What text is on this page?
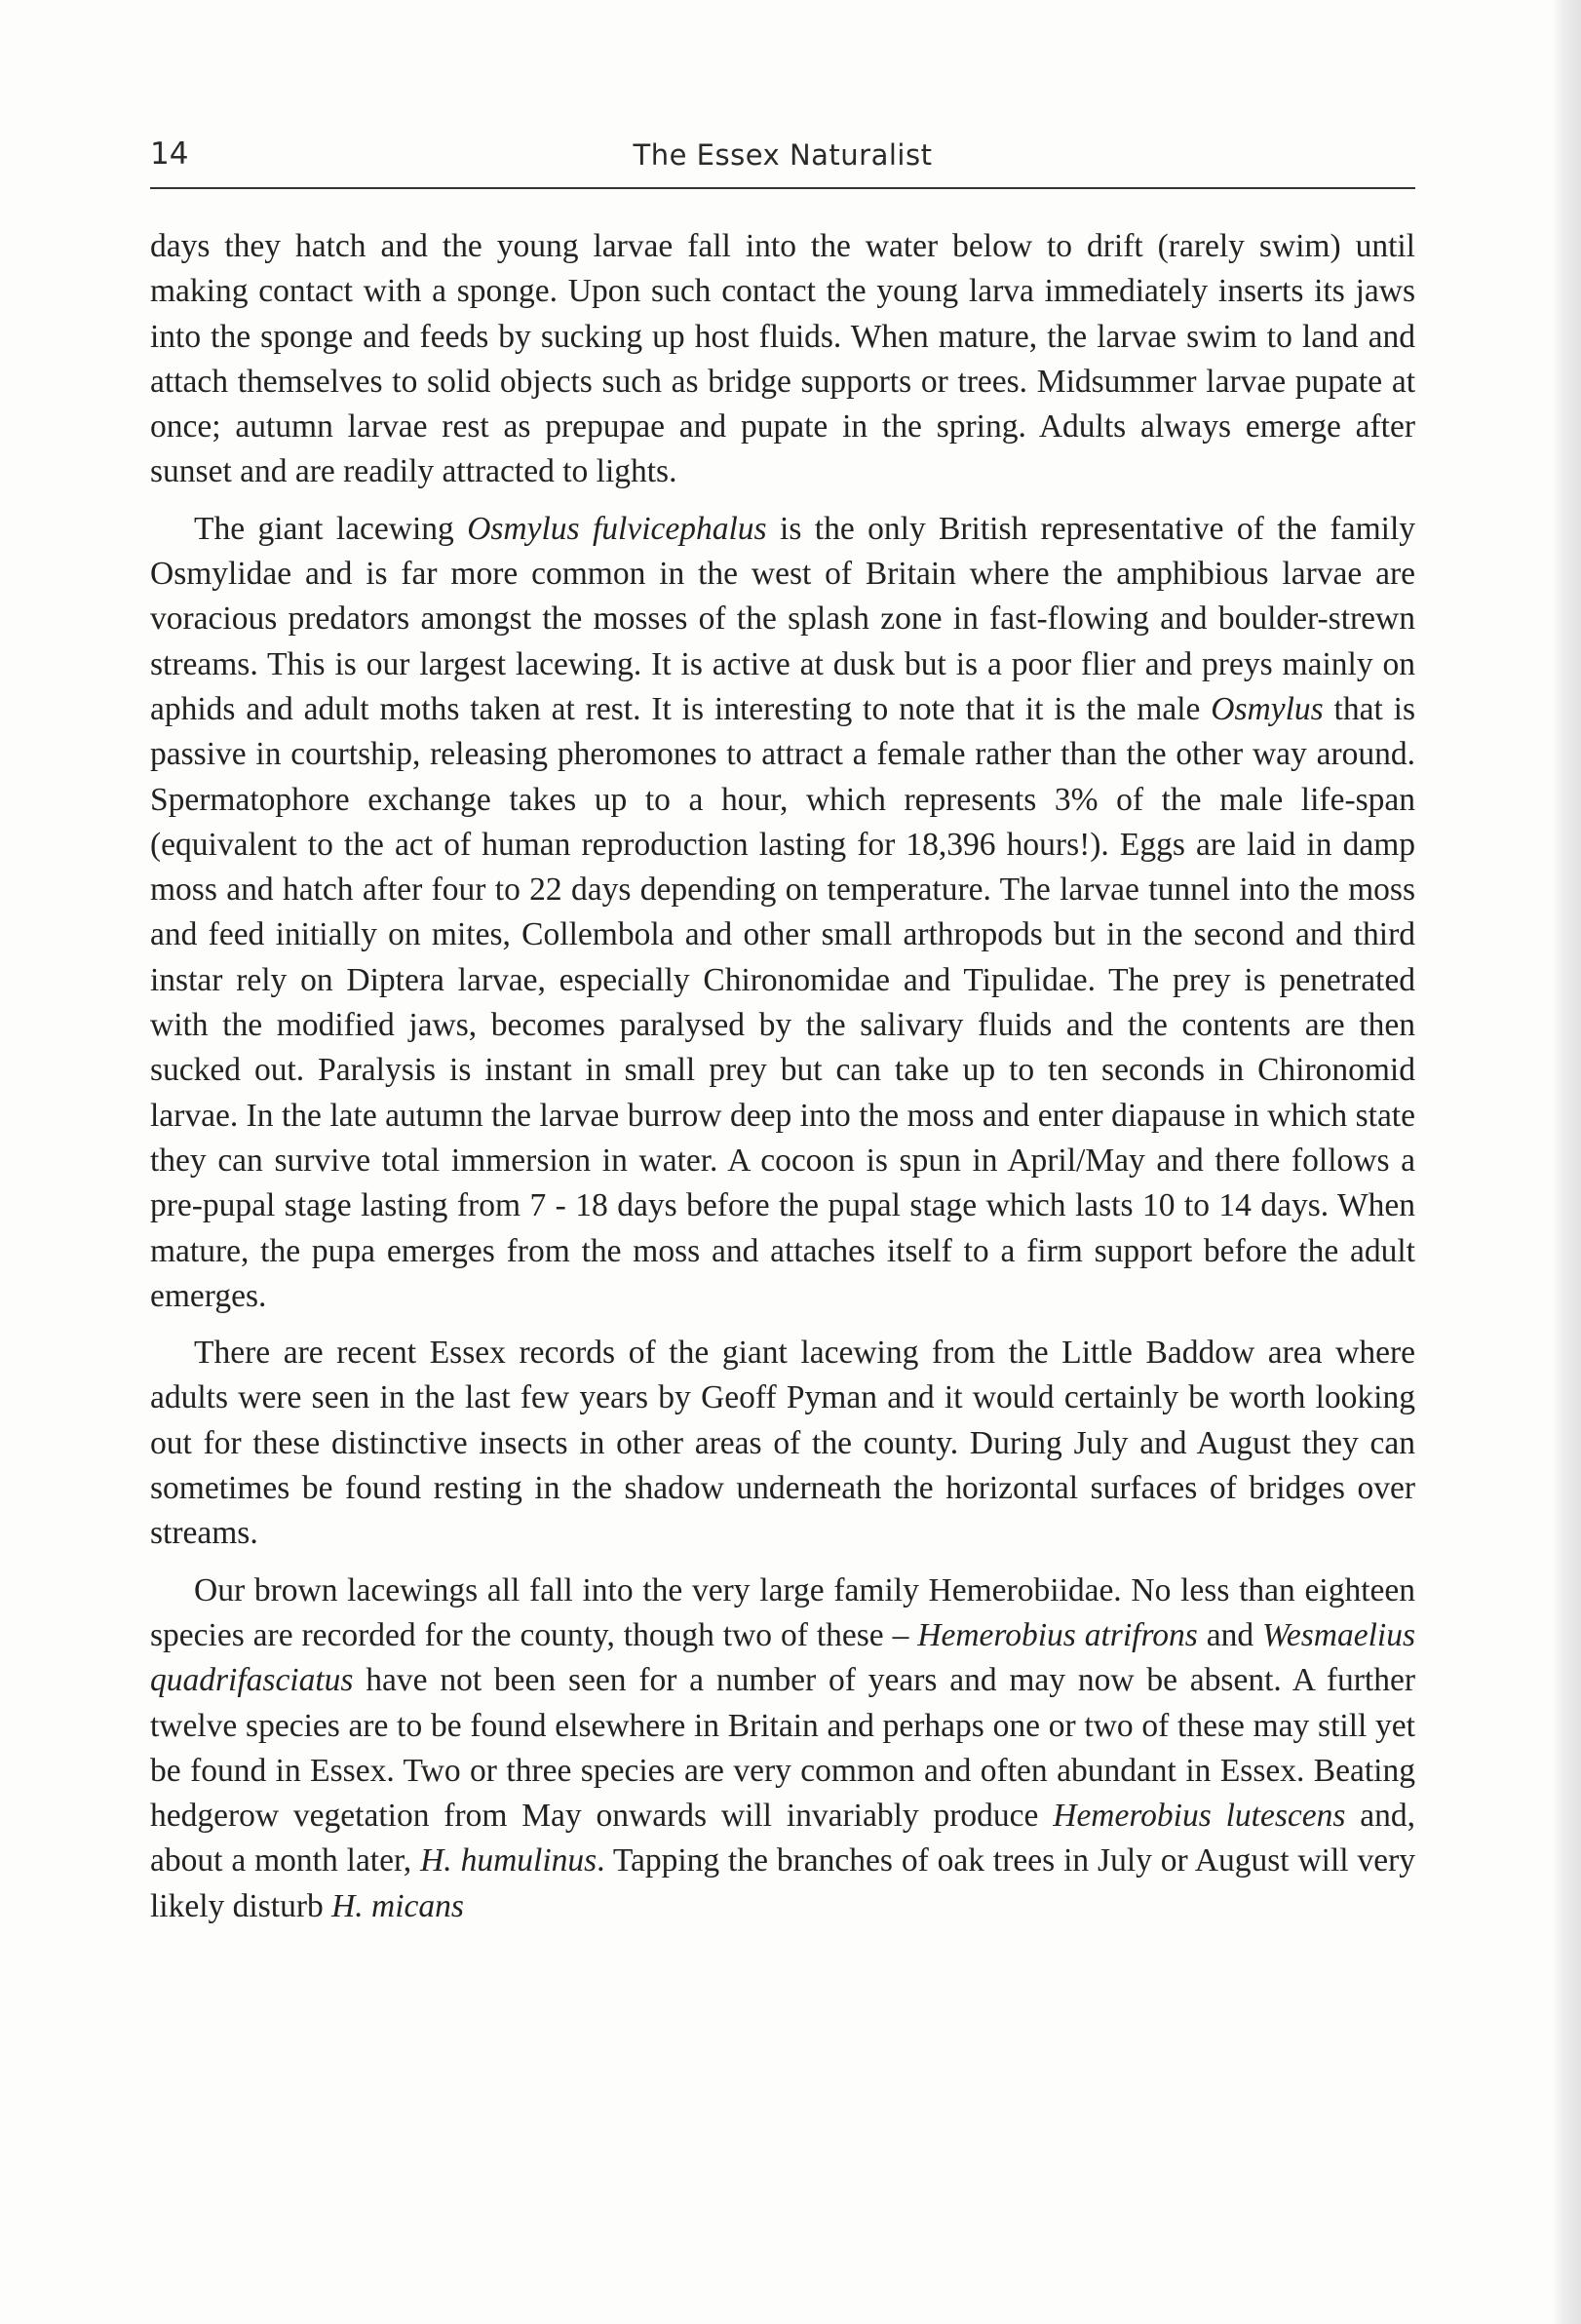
14	The Essex Naturalist

days they hatch and the young larvae fall into the water below to drift (rarely swim) until making contact with a sponge. Upon such contact the young larva immediately inserts its jaws into the sponge and feeds by sucking up host fluids. When mature, the larvae swim to land and attach themselves to solid objects such as bridge supports or trees. Midsummer larvae pupate at once; autumn larvae rest as prepupae and pupate in the spring. Adults always emerge after sunset and are readily attracted to lights.

The giant lacewing Osmylus fulvicephalus is the only British representative of the family Osmylidae and is far more common in the west of Britain where the amphibious larvae are voracious predators amongst the mosses of the splash zone in fast-flowing and boulder-strewn streams. This is our largest lacewing. It is active at dusk but is a poor flier and preys mainly on aphids and adult moths taken at rest. It is interesting to note that it is the male Osmylus that is passive in courtship, releasing pheromones to attract a female rather than the other way around. Spermatophore exchange takes up to a hour, which represents 3% of the male life-span (equivalent to the act of human reproduction lasting for 18,396 hours!). Eggs are laid in damp moss and hatch after four to 22 days depending on temperature. The larvae tunnel into the moss and feed initially on mites, Collembola and other small arthropods but in the second and third instar rely on Diptera larvae, especially Chironomidae and Tipulidae. The prey is penetrated with the modified jaws, becomes paralysed by the salivary fluids and the contents are then sucked out. Paralysis is instant in small prey but can take up to ten seconds in Chironomid larvae. In the late autumn the larvae burrow deep into the moss and enter diapause in which state they can survive total immersion in water. A cocoon is spun in April/May and there follows a pre-pupal stage lasting from 7 - 18 days before the pupal stage which lasts 10 to 14 days. When mature, the pupa emerges from the moss and attaches itself to a firm support before the adult emerges.

There are recent Essex records of the giant lacewing from the Little Baddow area where adults were seen in the last few years by Geoff Pyman and it would certainly be worth looking out for these distinctive insects in other areas of the county. During July and August they can sometimes be found resting in the shadow underneath the horizontal surfaces of bridges over streams.

Our brown lacewings all fall into the very large family Hemerobiidae. No less than eighteen species are recorded for the county, though two of these – Hemerobius atrifrons and Wesmaelius quadrifasciatus have not been seen for a number of years and may now be absent. A further twelve species are to be found elsewhere in Britain and perhaps one or two of these may still yet be found in Essex. Two or three species are very common and often abundant in Essex. Beating hedgerow vegetation from May onwards will invariably produce Hemerobius lutescens and, about a month later, H. humulinus. Tapping the branches of oak trees in July or August will very likely disturb H. micans
